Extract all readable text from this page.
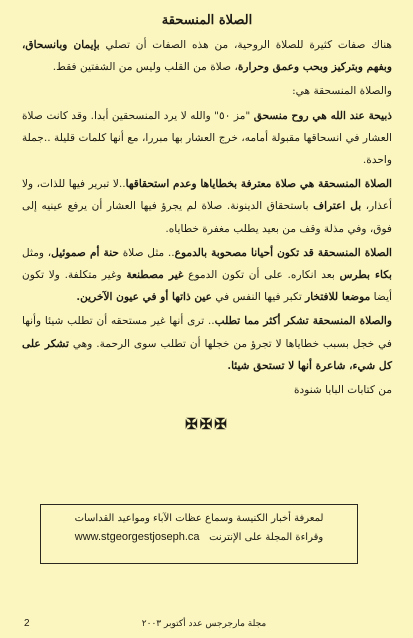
الصلاة المنسحقة

هناك صفات كثيرة للصلاة الروحية، من هذه الصفات أن تصلي بإيمان وبانسحاق، وبفهم وبتركيز وبحب وعمق وحرارة، صلاة من القلب وليس من الشفتين فقط.

والصلاة المنسحقة هي:

ذبيحة عند الله هي روح منسحق "مز ٥٠" والله لا يرد المنسحقين أبدا. وقد كانت صلاة العشار في انسحاقها مقبولة أمامه، خرج العشار بها مبررا، مع أنها كلمات قليلة ..جملة واحدة.

الصلاة المنسحقة هي صلاة معترفة بخطاياها وعدم استحقاقها..لا تبرير فيها للذات، ولا أعذار، بل اعتراف باستحقاق الدينونة. صلاة لم يجرؤ فيها العشار أن يرفع عينيه إلى فوق، وفي مذلة وقف من بعيد يطلب مغفرة خطاياه.

الصلاة المنسحقة قد تكون أحيانا مصحوبة بالدموع.. مثل صلاة حنة أم صموئيل، ومثل بكاء بطرس بعد انكاره. على أن تكون الدموع غير مصطنعة وغير متكلفة. ولا تكون أيضا موضعا للافتخار تكبر فيها النفس في عين ذاتها أو في عيون الآخرين.

والصلاة المنسحقة تشكر أكثر مما تطلب.. ترى أنها غير مستحقه أن تطلب شيئا وأنها في خجل بسبب خطاياها لا تجرؤ من خجلها أن تطلب سوى الرحمة. وهي تشكر على كل شيء، شاعرة أنها لا تستحق شيئا.

من كتابات البابا شنودة
✠✠✠
لمعرفة أخبار الكنيسة وسماع عظات الآباء ومواعيد القداسات
وقراءة المجلة على الإنترنت   www.stgeorgestjoseph.ca
مجلة مارجرجس عدد أكتوبر ٢٠٠٣
2
